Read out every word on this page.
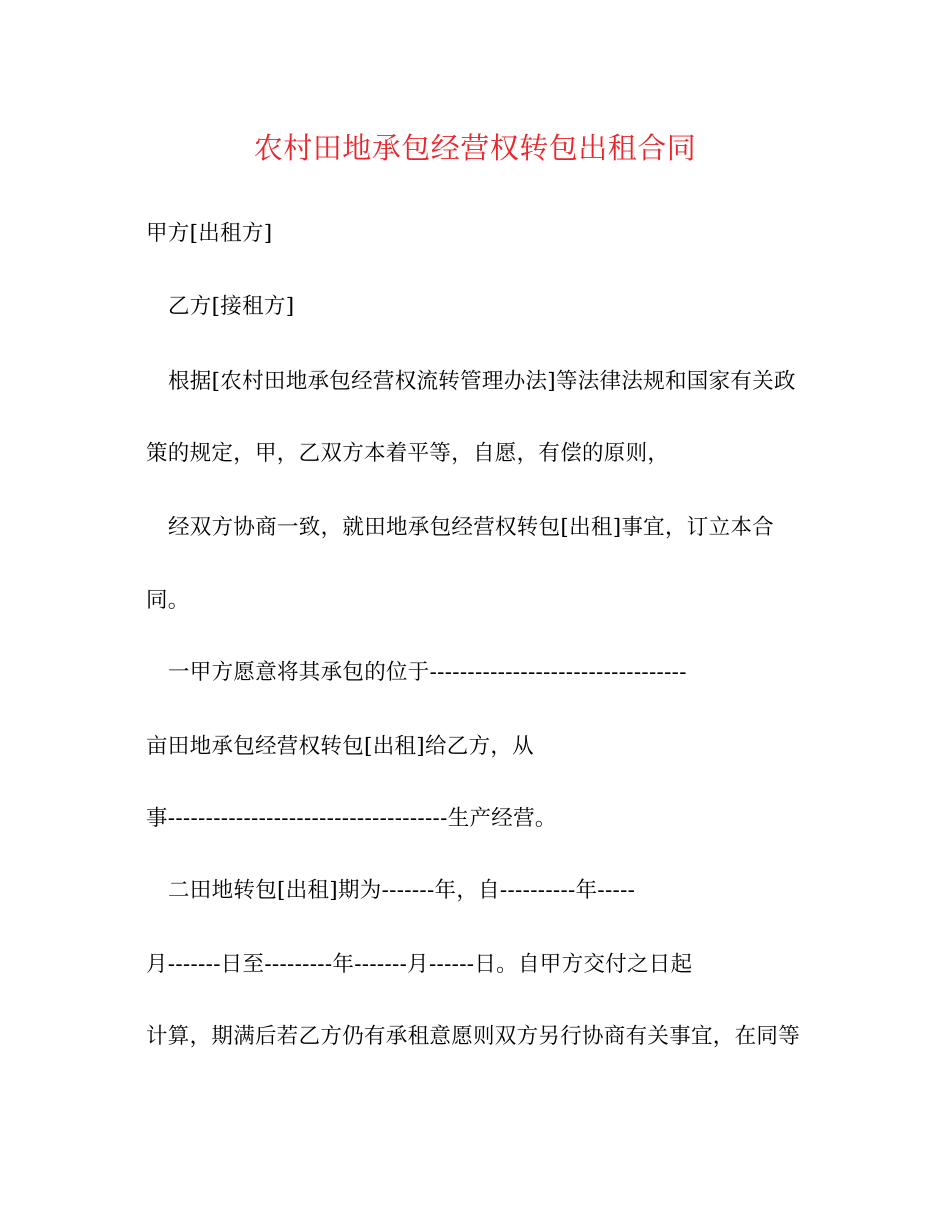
农村田地承包经营权转包出租合同
甲方[出租方]
乙方[接租方]
根据[农村田地承包经营权流转管理办法]等法律法规和国家有关政
策的规定，甲，乙双方本着平等，自愿，有偿的原则，
经双方协商一致，就田地承包经营权转包[出租]事宜，订立本合
同。
一甲方愿意将其承包的位于----------------------------------
亩田地承包经营权转包[出租]给乙方，从
事-------------------------------------生产经营。
二田地转包[出租]期为-------年，自----------年-----
月-------日至---------年-------月------日。自甲方交付之日起
计算，期满后若乙方仍有承租意愿则双方另行协商有关事宜，在同等
